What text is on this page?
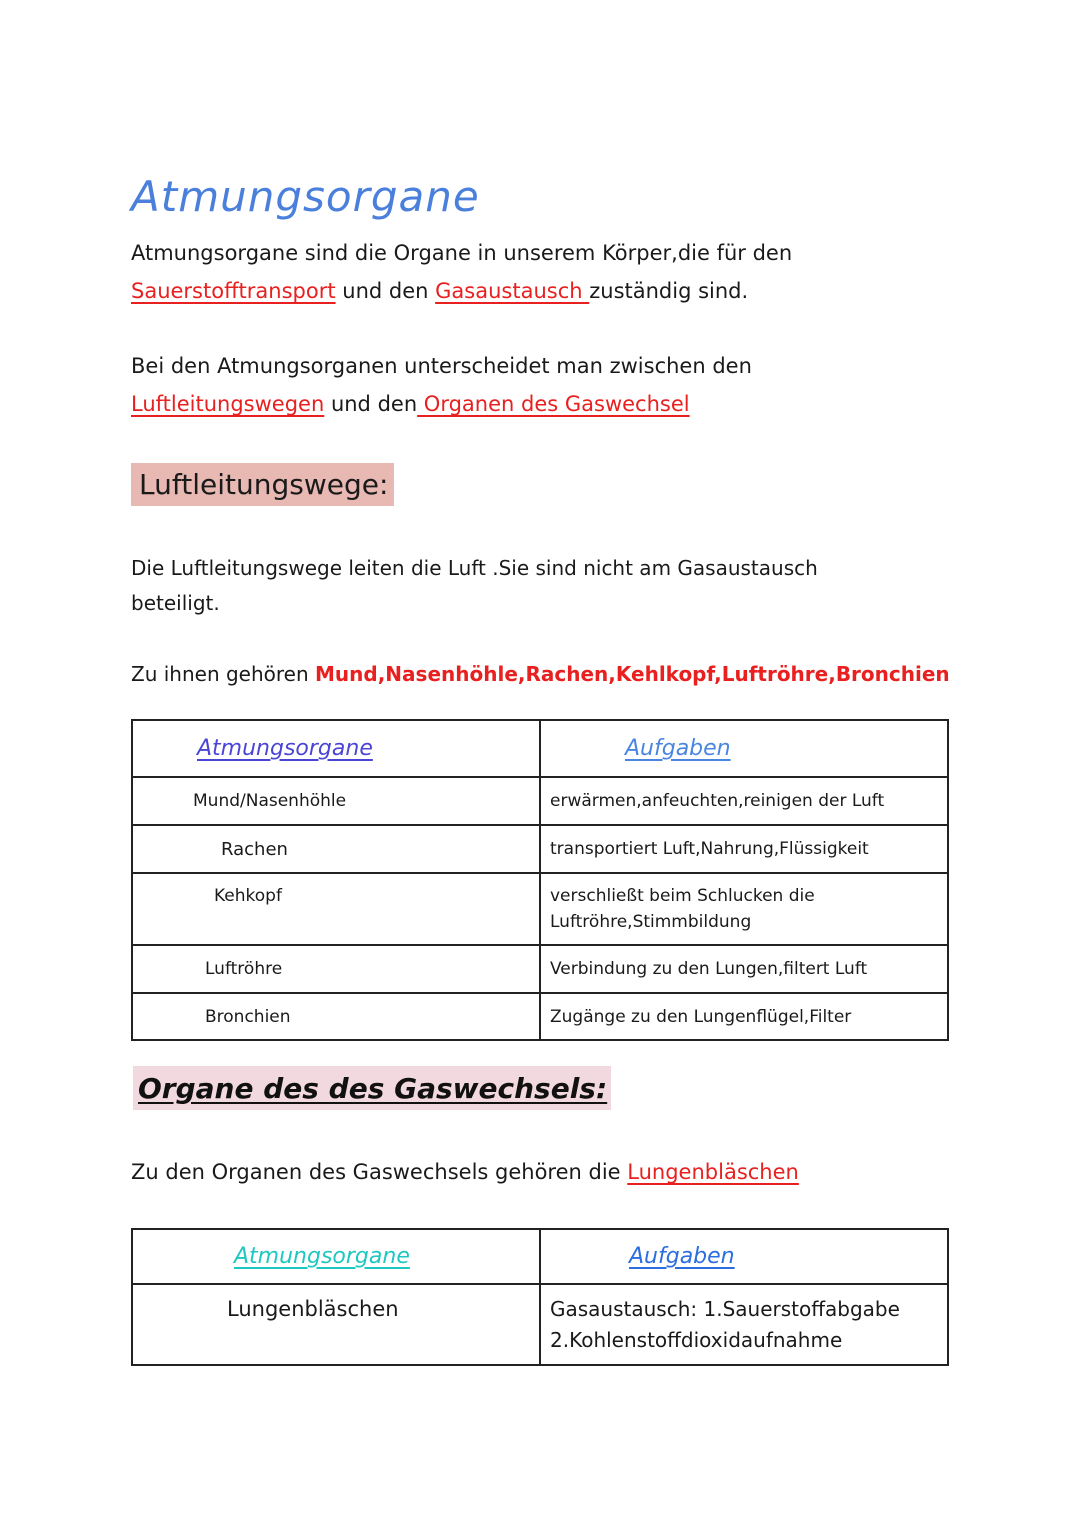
Atmungsorgane
Atmungsorgane sind die Organe in unserem Körper,die für den
Sauerstofftransport und den Gasaustausch zuständig sind.
Bei den Atmungsorganen unterscheidet man zwischen den
Luftleitungswegen und den Organen des Gaswechsel
Luftleitungswege:
Die Luftleitungswege leiten die Luft .Sie sind nicht am Gasaustausch
beteiligt.
Zu ihnen gehören Mund,Nasenhöhle,Rachen,Kehlkopf,Luftröhre,Bronchien
Atmungsorgane	Aufgaben

Mund/Nasenhöhle	erwärmen,anfeuchten,reinigen der Luft

Rachen	transportiert Luft,Nahrung,Flüssigkeit

Kehkopf	verschließt beim Schlucken die
Luftröhre,Stimmbildung

Luftröhre	Verbindung zu den Lungen,filtert Luft

Bronchien	Zugänge zu den Lungenflügel,Filter
Organe des des Gaswechsels:
Zu den Organen des Gaswechsels gehören die Lungenbläschen
Atmungsorgane	Aufgaben

Lungenbläschen	Gasaustausch: 1.Sauerstoffabgabe
2.Kohlenstoffdioxidaufnahme
